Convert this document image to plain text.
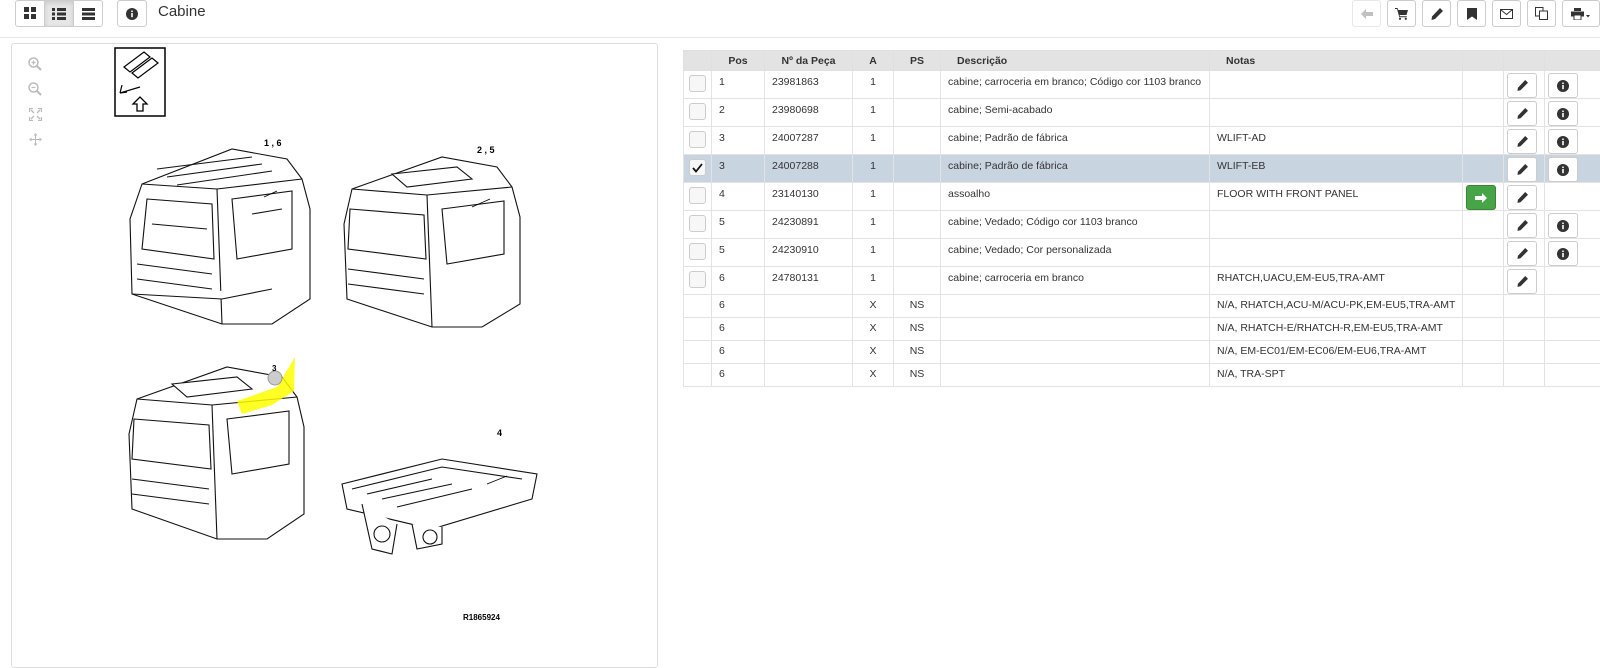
Cabine
1 , 6
2 , 5
3
4
R1865924
	Pos	Nº da Peça	A	PS	Descrição	Notas			

	1	23981863	1		cabine; carroceria em branco; Código cor 1103 branco			

	2	23980698	1		cabine; Semi-acabado			

	3	24007287	1		cabine; Padrão de fábrica	WLIFT-AD		

	3	24007288	1		cabine; Padrão de fábrica	WLIFT-EB		

	4	23140130	1		assoalho	FLOOR WITH FRONT PANEL	

	5	24230891	1		cabine; Vedado; Código cor 1103 branco			

	5	24230910	1		cabine; Vedado; Cor personalizada			

	6	24780131	1		cabine; carroceria em branco	RHATCH,UACU,EM-EU5,TRA-AMT		

	6		X	NS		N/A, RHATCH,ACU-M/ACU-PK,EM-EU5,TRA-AMT			
	6		X	NS		N/A, RHATCH-E/RHATCH-R,EM-EU5,TRA-AMT			
	6		X	NS		N/A, EM-EC01/EM-EC06/EM-EU6,TRA-AMT			
	6		X	NS		N/A, TRA-SPT			
